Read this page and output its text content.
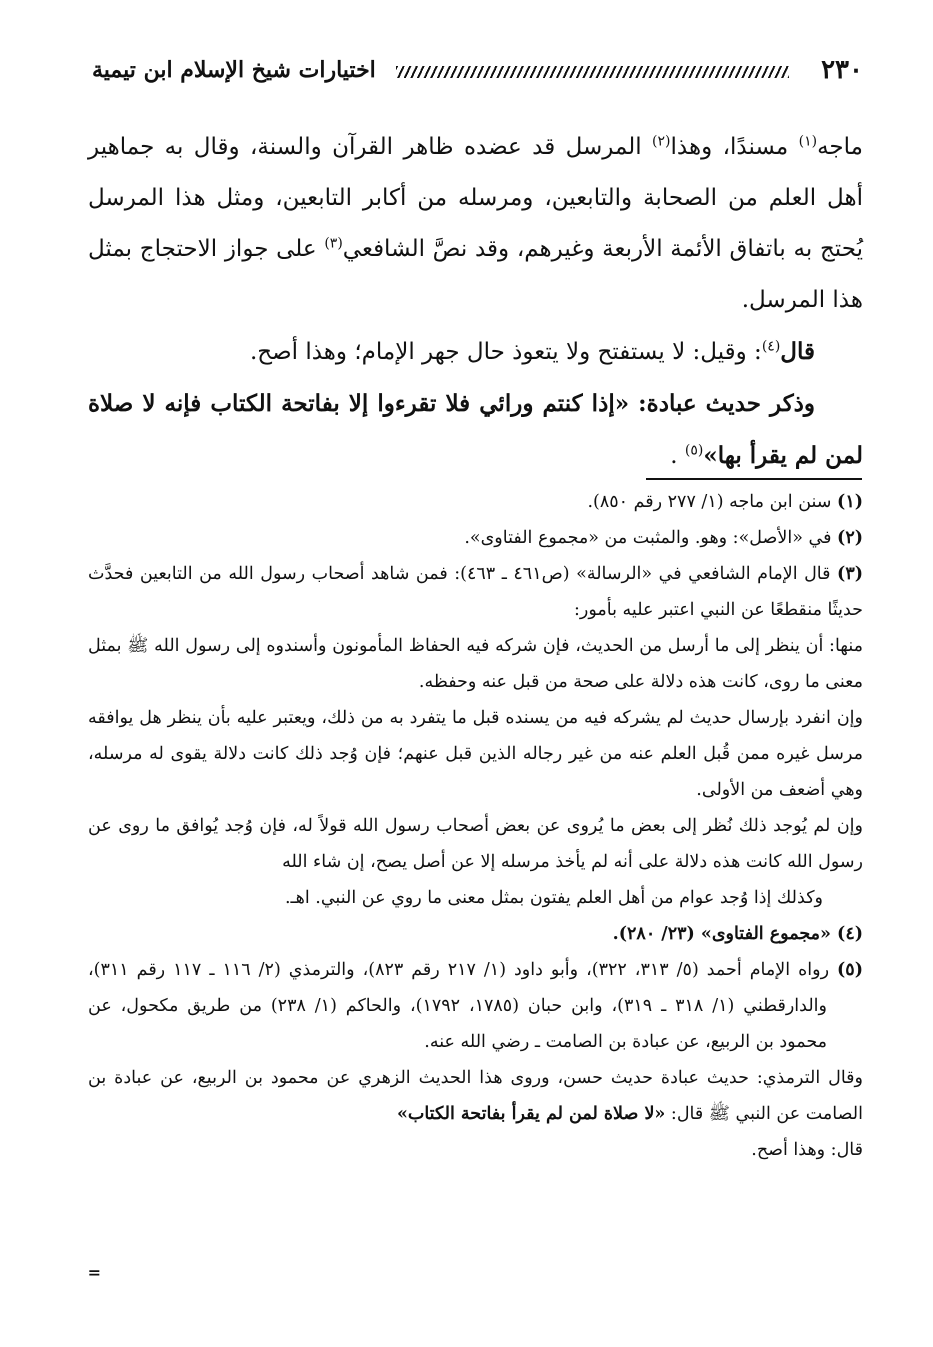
٢٣٠
اختيارات شيخ الإسلام ابن تيمية

ماجه$^{(١)}$ مسندًا، وهذا$^{(٢)}$ المرسل قد عضده ظاهر القرآن والسنة، وقال به جماهير أهل العلم من الصحابة والتابعين، ومرسله من أكابر التابعين، ومثل هذا المرسل يُحتج به باتفاق الأئمة الأربعة وغيرهم، وقد نصَّ الشافعي$^{(٣)}$ على جواز الاحتجاج بمثل هذا المرسل.

قال$^{(٤)}$: وقيل: لا يستفتح ولا يتعوذ حال جهر الإمام؛ وهذا أصح.

وذكر حديث عبادة: «إذا كنتم ورائي فلا تقرءوا إلا بفاتحة الكتاب فإنه لا صلاة لمن لم يقرأ بها»$^{(٥)}$ .

(١) سنن ابن ماجه (١/ ٢٧٧ رقم ٨٥٠).

(٢) في «الأصل»: وهو. والمثبت من «مجموع الفتاوى».

(٣) قال الإمام الشافعي في «الرسالة» (ص٤٦١ ـ ٤٦٣): فمن شاهد أصحاب رسول الله من التابعين فحدَّث حديثًا منقطعًا عن النبي اعتبر عليه بأمور:

منها: أن ينظر إلى ما أرسل من الحديث، فإن شركه فيه الحفاظ المأمونون وأسندوه إلى رسول الله ﷺ بمثل معنى ما روى، كانت هذه دلالة على صحة من قبل عنه وحفظه.

وإن انفرد بإرسال حديث لم يشركه فيه من يسنده قبل ما يتفرد به من ذلك، ويعتبر عليه بأن ينظر هل يوافقه مرسل غيره ممن قُبل العلم عنه من غير رجاله الذين قبل عنهم؛ فإن وُجد ذلك كانت دلالة يقوى له مرسله، وهي أضعف من الأولى.

وإن لم يُوجد ذلك نُظر إلى بعض ما يُروى عن بعض أصحاب رسول الله قولاً له، فإن وُجد يُوافق ما روى عن رسول الله كانت هذه دلالة على أنه لم يأخذ مرسله إلا عن أصل يصح، إن شاء الله

وكذلك إذا وُجد عوام من أهل العلم يفتون بمثل معنى ما روي عن النبي. اهـ.

(٤) «مجموع الفتاوى» (٢٣/ ٢٨٠).

(٥) رواه الإمام أحمد (٥/ ٣١٣، ٣٢٢)، وأبو داود (١/ ٢١٧ رقم ٨٢٣)، والترمذي (٢/ ١١٦ ـ ١١٧ رقم ٣١١)، والدارقطني (١/ ٣١٨ ـ ٣١٩)، وابن حبان (١٧٨٥، ١٧٩٢)، والحاكم (١/ ٢٣٨) من طريق مكحول، عن محمود بن الربيع، عن عبادة بن الصامت ـ رضي الله عنه.

وقال الترمذي: حديث عبادة حديث حسن، وروى هذا الحديث الزهري عن محمود بن الربيع، عن عبادة بن الصامت عن النبي ﷺ قال: «لا صلاة لمن لم يقرأ بفاتحة الكتاب»

قال: وهذا أصح.

=
